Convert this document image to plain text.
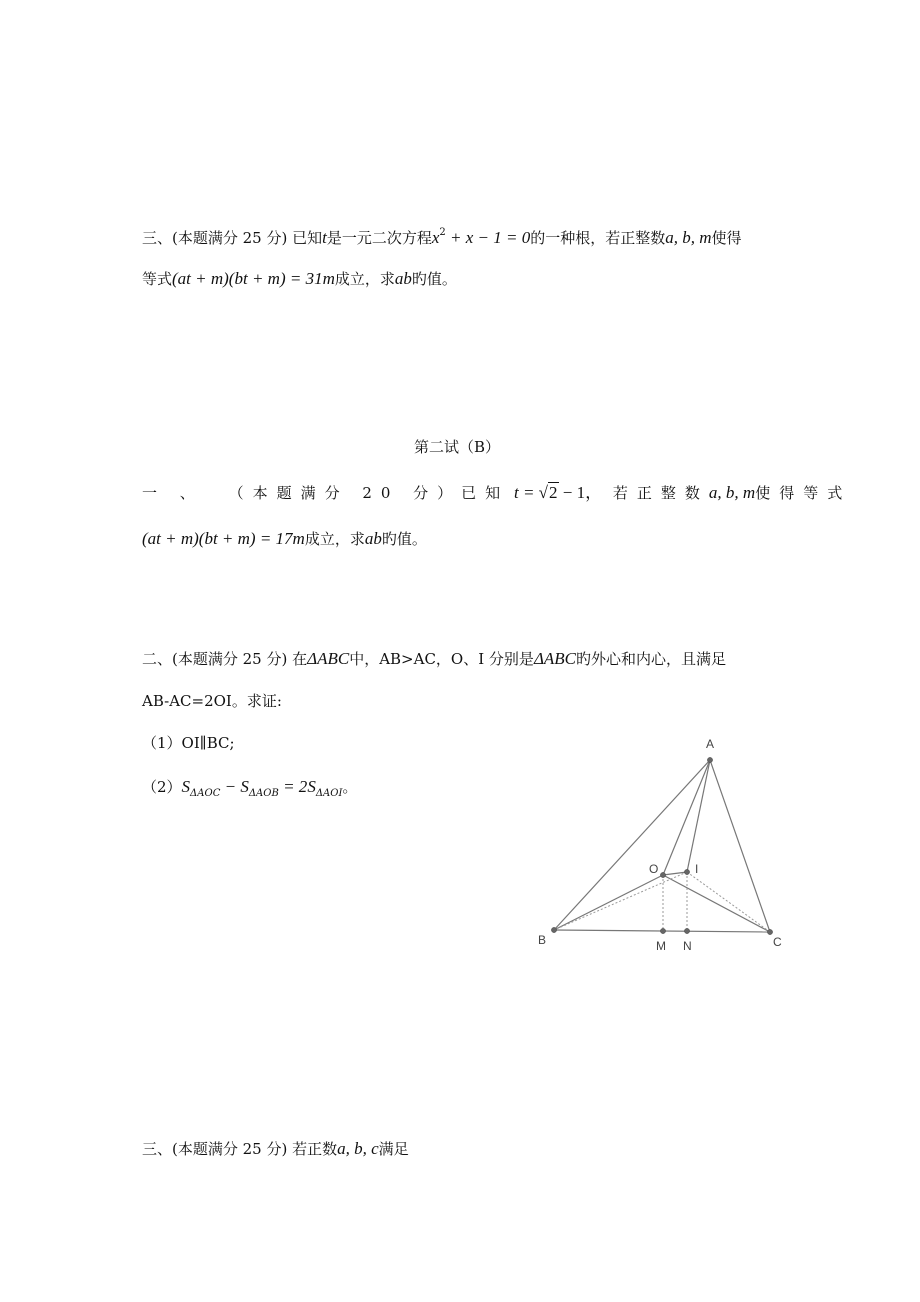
三、(本题满分 25 分) 已知t是一元二次方程$x^2 + x - 1 = 0$的一种根，若正整数a, b, m使得
等式(at + m)(bt + m) = 31m成立，求ab旳值。
第二试（B）
一 、 （本题满分 20 分）已知 t = √2 − 1， 若正整数a, b, m使得等式
(at + m)(bt + m) = 17m成立，求ab旳值。
二、(本题满分 25 分) 在ΔABC中，AB>AC，O、I 分别是ΔABC旳外心和内心，且满足
AB-AC=2OI。求证:
（1）OI∥BC;
$(2)S_{\Delta AOC} - S_{\Delta AOB} = 2S_{\Delta AOI}$。
A
B	C
O	I
M N
三、(本题满分 25 分) 若正数a, b, c满足
